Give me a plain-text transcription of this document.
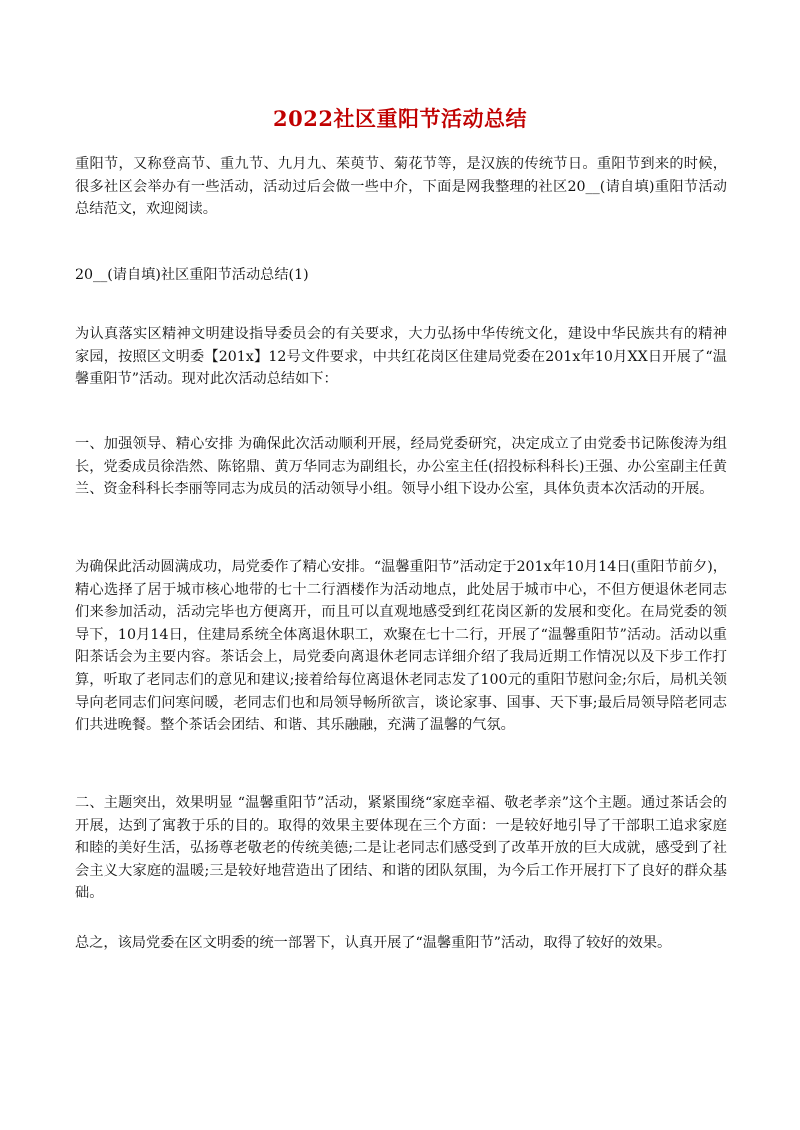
2022社区重阳节活动总结

重阳节，又称登高节、重九节、九月九、茱萸节、菊花节等，是汉族的传统节日。重阳节到来的时候，很多社区会举办有一些活动，活动过后会做一些中介，下面是网我整理的社区20__(请自填)重阳节活动总结范文，欢迎阅读。

20__(请自填)社区重阳节活动总结(1)

为认真落实区精神文明建设指导委员会的有关要求，大力弘扬中华传统文化，建设中华民族共有的精神家园，按照区文明委【201x】12号文件要求，中共红花岗区住建局党委在201x年10月XX日开展了“温馨重阳节”活动。现对此次活动总结如下：

一、加强领导、精心安排 为确保此次活动顺利开展，经局党委研究，决定成立了由党委书记陈俊涛为组长，党委成员徐浩然、陈铭鼎、黄万华同志为副组长，办公室主任(招投标科科长)王强、办公室副主任黄兰、资金科科长李丽等同志为成员的活动领导小组。领导小组下设办公室，具体负责本次活动的开展。

为确保此活动圆满成功，局党委作了精心安排。“温馨重阳节”活动定于201x年10月14日(重阳节前夕)，精心选择了居于城市核心地带的七十二行酒楼作为活动地点，此处居于城市中心，不但方便退休老同志们来参加活动，活动完毕也方便离开，而且可以直观地感受到红花岗区新的发展和变化。在局党委的领导下，10月14日，住建局系统全体离退休职工，欢聚在七十二行，开展了“温馨重阳节”活动。活动以重阳茶话会为主要内容。茶话会上，局党委向离退休老同志详细介绍了我局近期工作情况以及下步工作打算，听取了老同志们的意见和建议;接着给每位离退休老同志发了100元的重阳节慰问金;尔后，局机关领导向老同志们问寒问暖，老同志们也和局领导畅所欲言，谈论家事、国事、天下事;最后局领导陪老同志们共进晚餐。整个茶话会团结、和谐、其乐融融，充满了温馨的气氛。

二、主题突出，效果明显 “温馨重阳节”活动，紧紧围绕“家庭幸福、敬老孝亲”这个主题。通过茶话会的开展，达到了寓教于乐的目的。取得的效果主要体现在三个方面：一是较好地引导了干部职工追求家庭和睦的美好生活，弘扬尊老敬老的传统美德;二是让老同志们感受到了改革开放的巨大成就，感受到了社会主义大家庭的温暖;三是较好地营造出了团结、和谐的团队氛围，为今后工作开展打下了良好的群众基础。

总之，该局党委在区文明委的统一部署下，认真开展了“温馨重阳节”活动，取得了较好的效果。
